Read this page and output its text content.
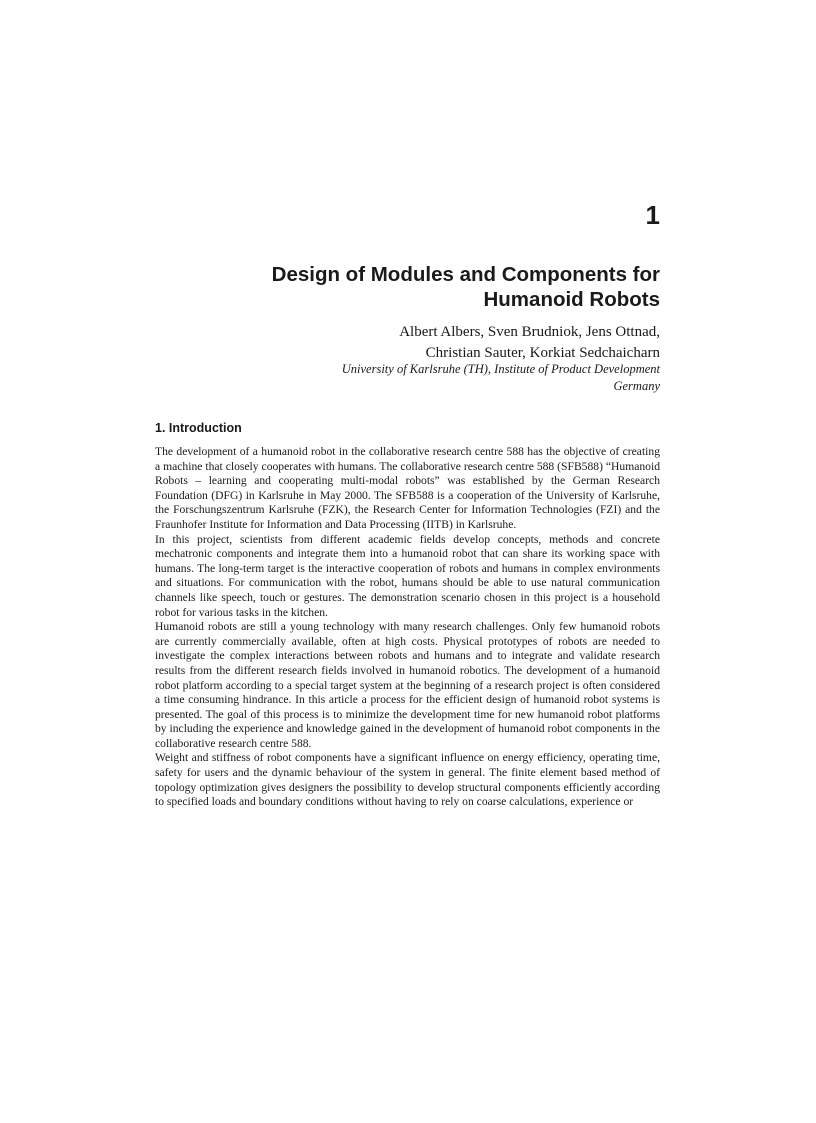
1
Design of Modules and Components for
Humanoid Robots
Albert Albers, Sven Brudniok, Jens Ottnad,
Christian Sauter, Korkiat Sedchaicharn
University of Karlsruhe (TH), Institute of Product Development
Germany
1. Introduction

The development of a humanoid robot in the collaborative research centre 588 has the objective of creating a machine that closely cooperates with humans. The collaborative research centre 588 (SFB588) “Humanoid Robots – learning and cooperating multi-modal robots” was established by the German Research Foundation (DFG) in Karlsruhe in May 2000. The SFB588 is a cooperation of the University of Karlsruhe, the Forschungszentrum Karlsruhe (FZK), the Research Center for Information Technologies (FZI) and the Fraunhofer Institute for Information and Data Processing (IITB) in Karlsruhe.

In this project, scientists from different academic fields develop concepts, methods and concrete mechatronic components and integrate them into a humanoid robot that can share its working space with humans. The long-term target is the interactive cooperation of robots and humans in complex environments and situations. For communication with the robot, humans should be able to use natural communication channels like speech, touch or gestures. The demonstration scenario chosen in this project is a household robot for various tasks in the kitchen.

Humanoid robots are still a young technology with many research challenges. Only few humanoid robots are currently commercially available, often at high costs. Physical prototypes of robots are needed to investigate the complex interactions between robots and humans and to integrate and validate research results from the different research fields involved in humanoid robotics. The development of a humanoid robot platform according to a special target system at the beginning of a research project is often considered a time consuming hindrance. In this article a process for the efficient design of humanoid robot systems is presented. The goal of this process is to minimize the development time for new humanoid robot platforms by including the experience and knowledge gained in the development of humanoid robot components in the collaborative research centre 588.

Weight and stiffness of robot components have a significant influence on energy efficiency, operating time, safety for users and the dynamic behaviour of the system in general. The finite element based method of topology optimization gives designers the possibility to develop structural components efficiently according to specified loads and boundary conditions without having to rely on coarse calculations, experience or
